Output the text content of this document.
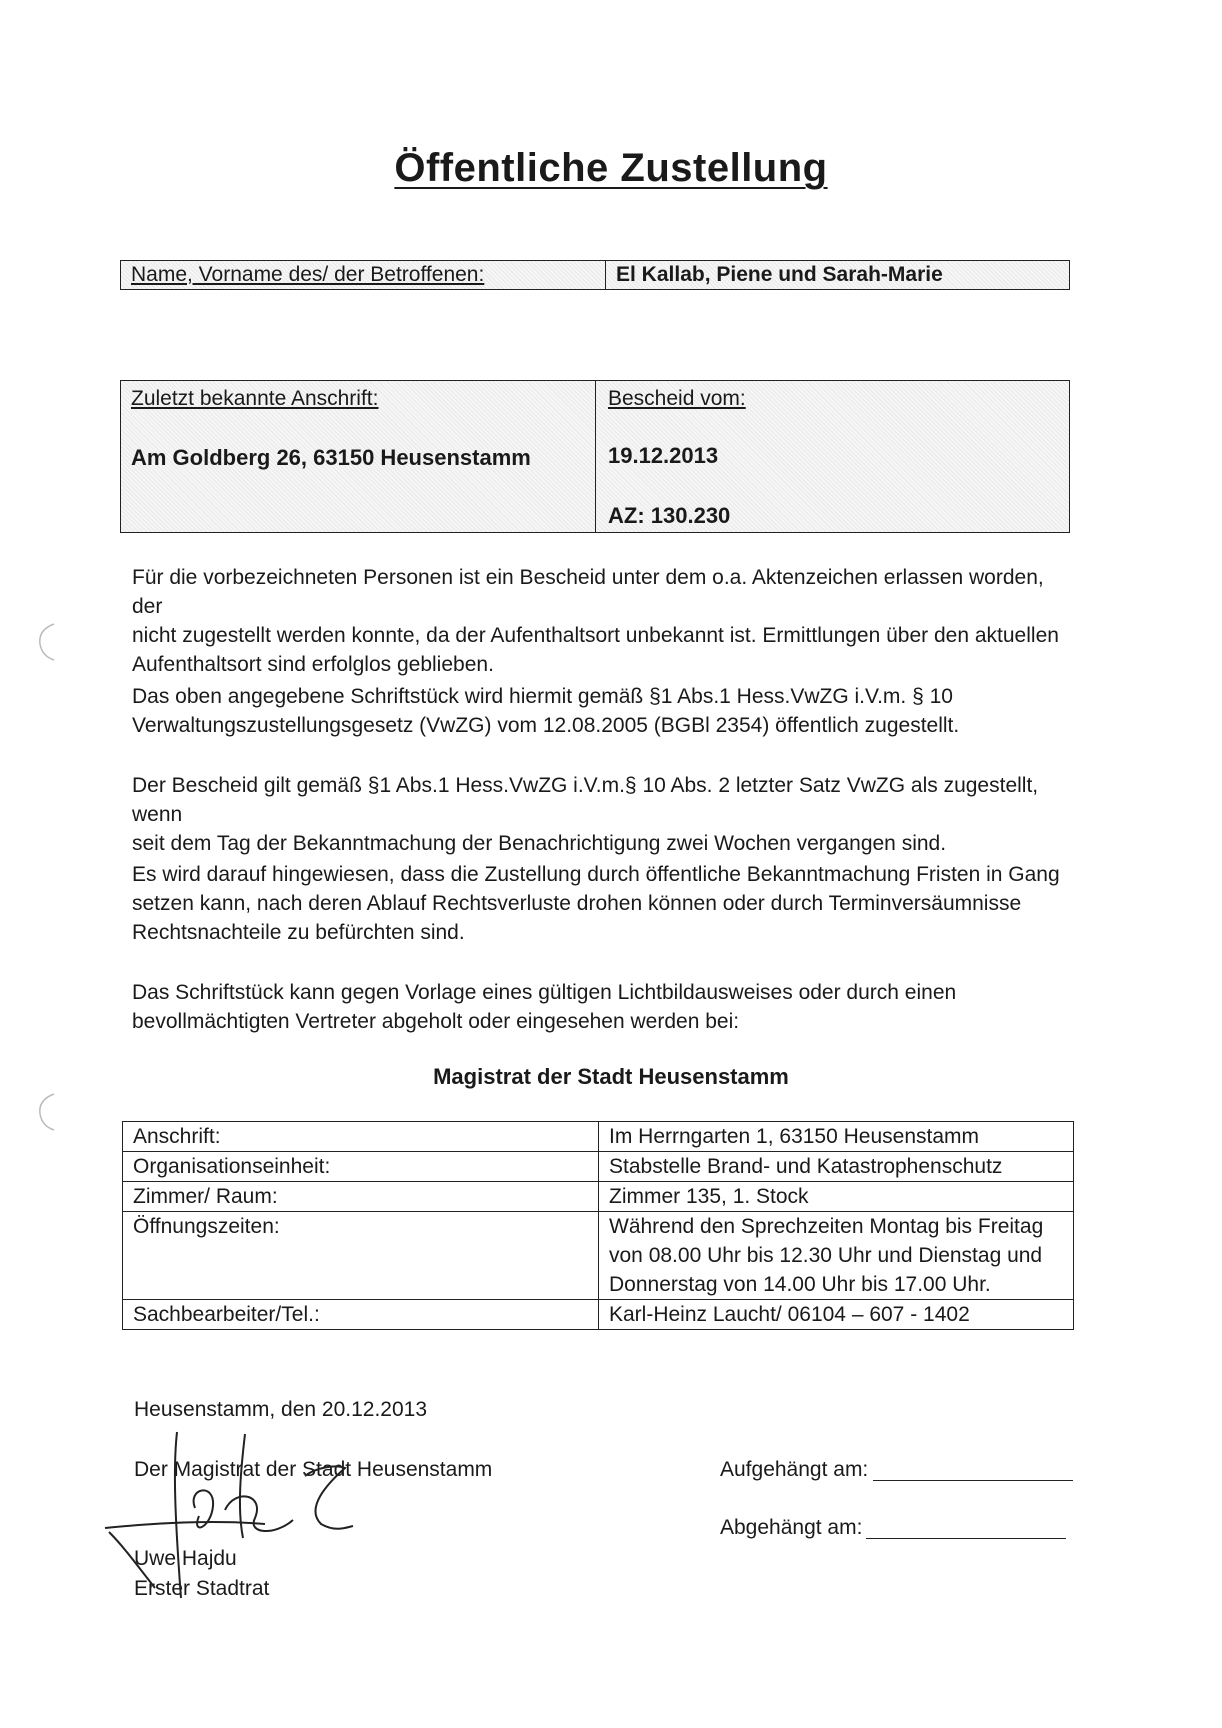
Öffentliche Zustellung
Name, Vorname des/ der Betroffenen:	El Kallab, Piene und Sarah-Marie
Zuletzt bekannte Anschrift:
Am Goldberg 26, 63150 Heusenstamm
Bescheid vom:
19.12.2013
AZ: 130.230
Für die vorbezeichneten Personen ist ein Bescheid unter dem o.a. Aktenzeichen erlassen worden, der
nicht zugestellt werden konnte, da der Aufenthaltsort unbekannt ist. Ermittlungen über den aktuellen
Aufenthaltsort sind erfolglos geblieben.
Das oben angegebene Schriftstück wird hiermit gemäß §1 Abs.1 Hess.VwZG i.V.m. § 10
Verwaltungszustellungsgesetz (VwZG) vom 12.08.2005 (BGBl 2354) öffentlich zugestellt.
Der Bescheid gilt gemäß §1 Abs.1 Hess.VwZG i.V.m.§ 10 Abs. 2 letzter Satz VwZG als zugestellt, wenn
seit dem Tag der Bekanntmachung der Benachrichtigung zwei Wochen vergangen sind.
Es wird darauf hingewiesen, dass die Zustellung durch öffentliche Bekanntmachung Fristen in Gang
setzen kann, nach deren Ablauf Rechtsverluste drohen können oder durch Terminversäumnisse
Rechtsnachteile zu befürchten sind.
Das Schriftstück kann gegen Vorlage eines gültigen Lichtbildausweises oder durch einen
bevollmächtigten Vertreter abgeholt oder eingesehen werden bei:
Magistrat der Stadt Heusenstamm
Anschrift:	Im Herrngarten 1, 63150 Heusenstamm
Organisationseinheit:	Stabstelle Brand- und Katastrophenschutz
Zimmer/ Raum:	Zimmer 135, 1. Stock
Öffnungszeiten:	Während den Sprechzeiten Montag bis Freitag
von 08.00 Uhr bis 12.30 Uhr und Dienstag und
Donnerstag von 14.00 Uhr bis 17.00 Uhr.

Sachbearbeiter/Tel.:	Karl-Heinz Laucht/ 06104 – 607 - 1402
Heusenstamm, den 20.12.2013
Der Magistrat der Stadt Heusenstamm
Uwe Hajdu
Erster Stadtrat
Aufgehängt am:
Abgehängt am:
